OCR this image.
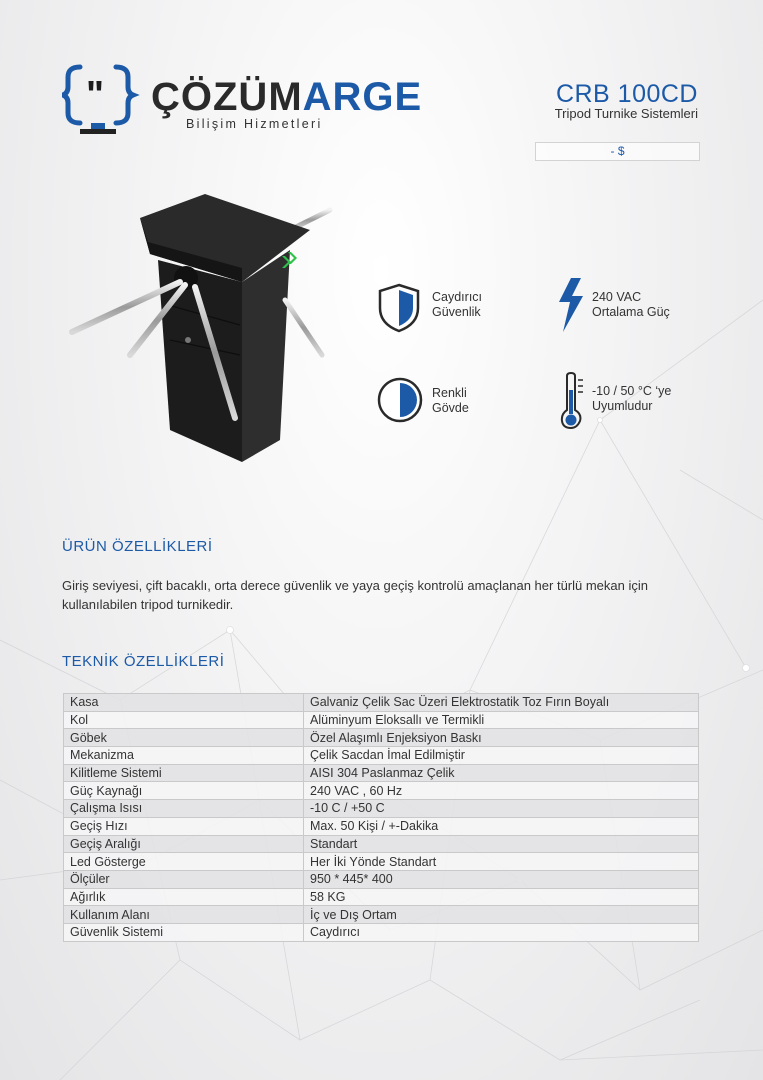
" ÇÖZÜMARGE
Bilişim Hizmetleri
CRB 100CD
Tripod Turnike Sistemleri
- $
Caydırıcı
Güvenlik
240 VAC
Ortalama Güç
Renkli
Gövde
-10 / 50 °C ‘ye
Uyumludur
ÜRÜN ÖZELLİKLERİ
Giriş seviyesi, çift bacaklı, orta derece güvenlik ve yaya geçiş kontrolü amaçlanan her türlü mekan için kullanılabilen tripod turnikedir.
TEKNİK ÖZELLİKLERİ
Kasa	Galvaniz Çelik Sac Üzeri Elektrostatik Toz Fırın Boyalı
Kol	Alüminyum Eloksallı ve Termikli
Göbek	Özel Alaşımlı Enjeksiyon Baskı
Mekanizma	Çelik Sacdan İmal Edilmiştir
Kilitleme Sistemi	AISI 304 Paslanmaz Çelik
Güç Kaynağı	240 VAC , 60 Hz
Çalışma Isısı	-10 C / +50 C
Geçiş Hızı	Max. 50 Kişi / +-Dakika
Geçiş Aralığı	Standart
Led Gösterge	Her İki Yönde Standart
Ölçüler	950 * 445* 400
Ağırlık	58 KG
Kullanım Alanı	İç ve Dış Ortam
Güvenlik Sistemi	Caydırıcı
